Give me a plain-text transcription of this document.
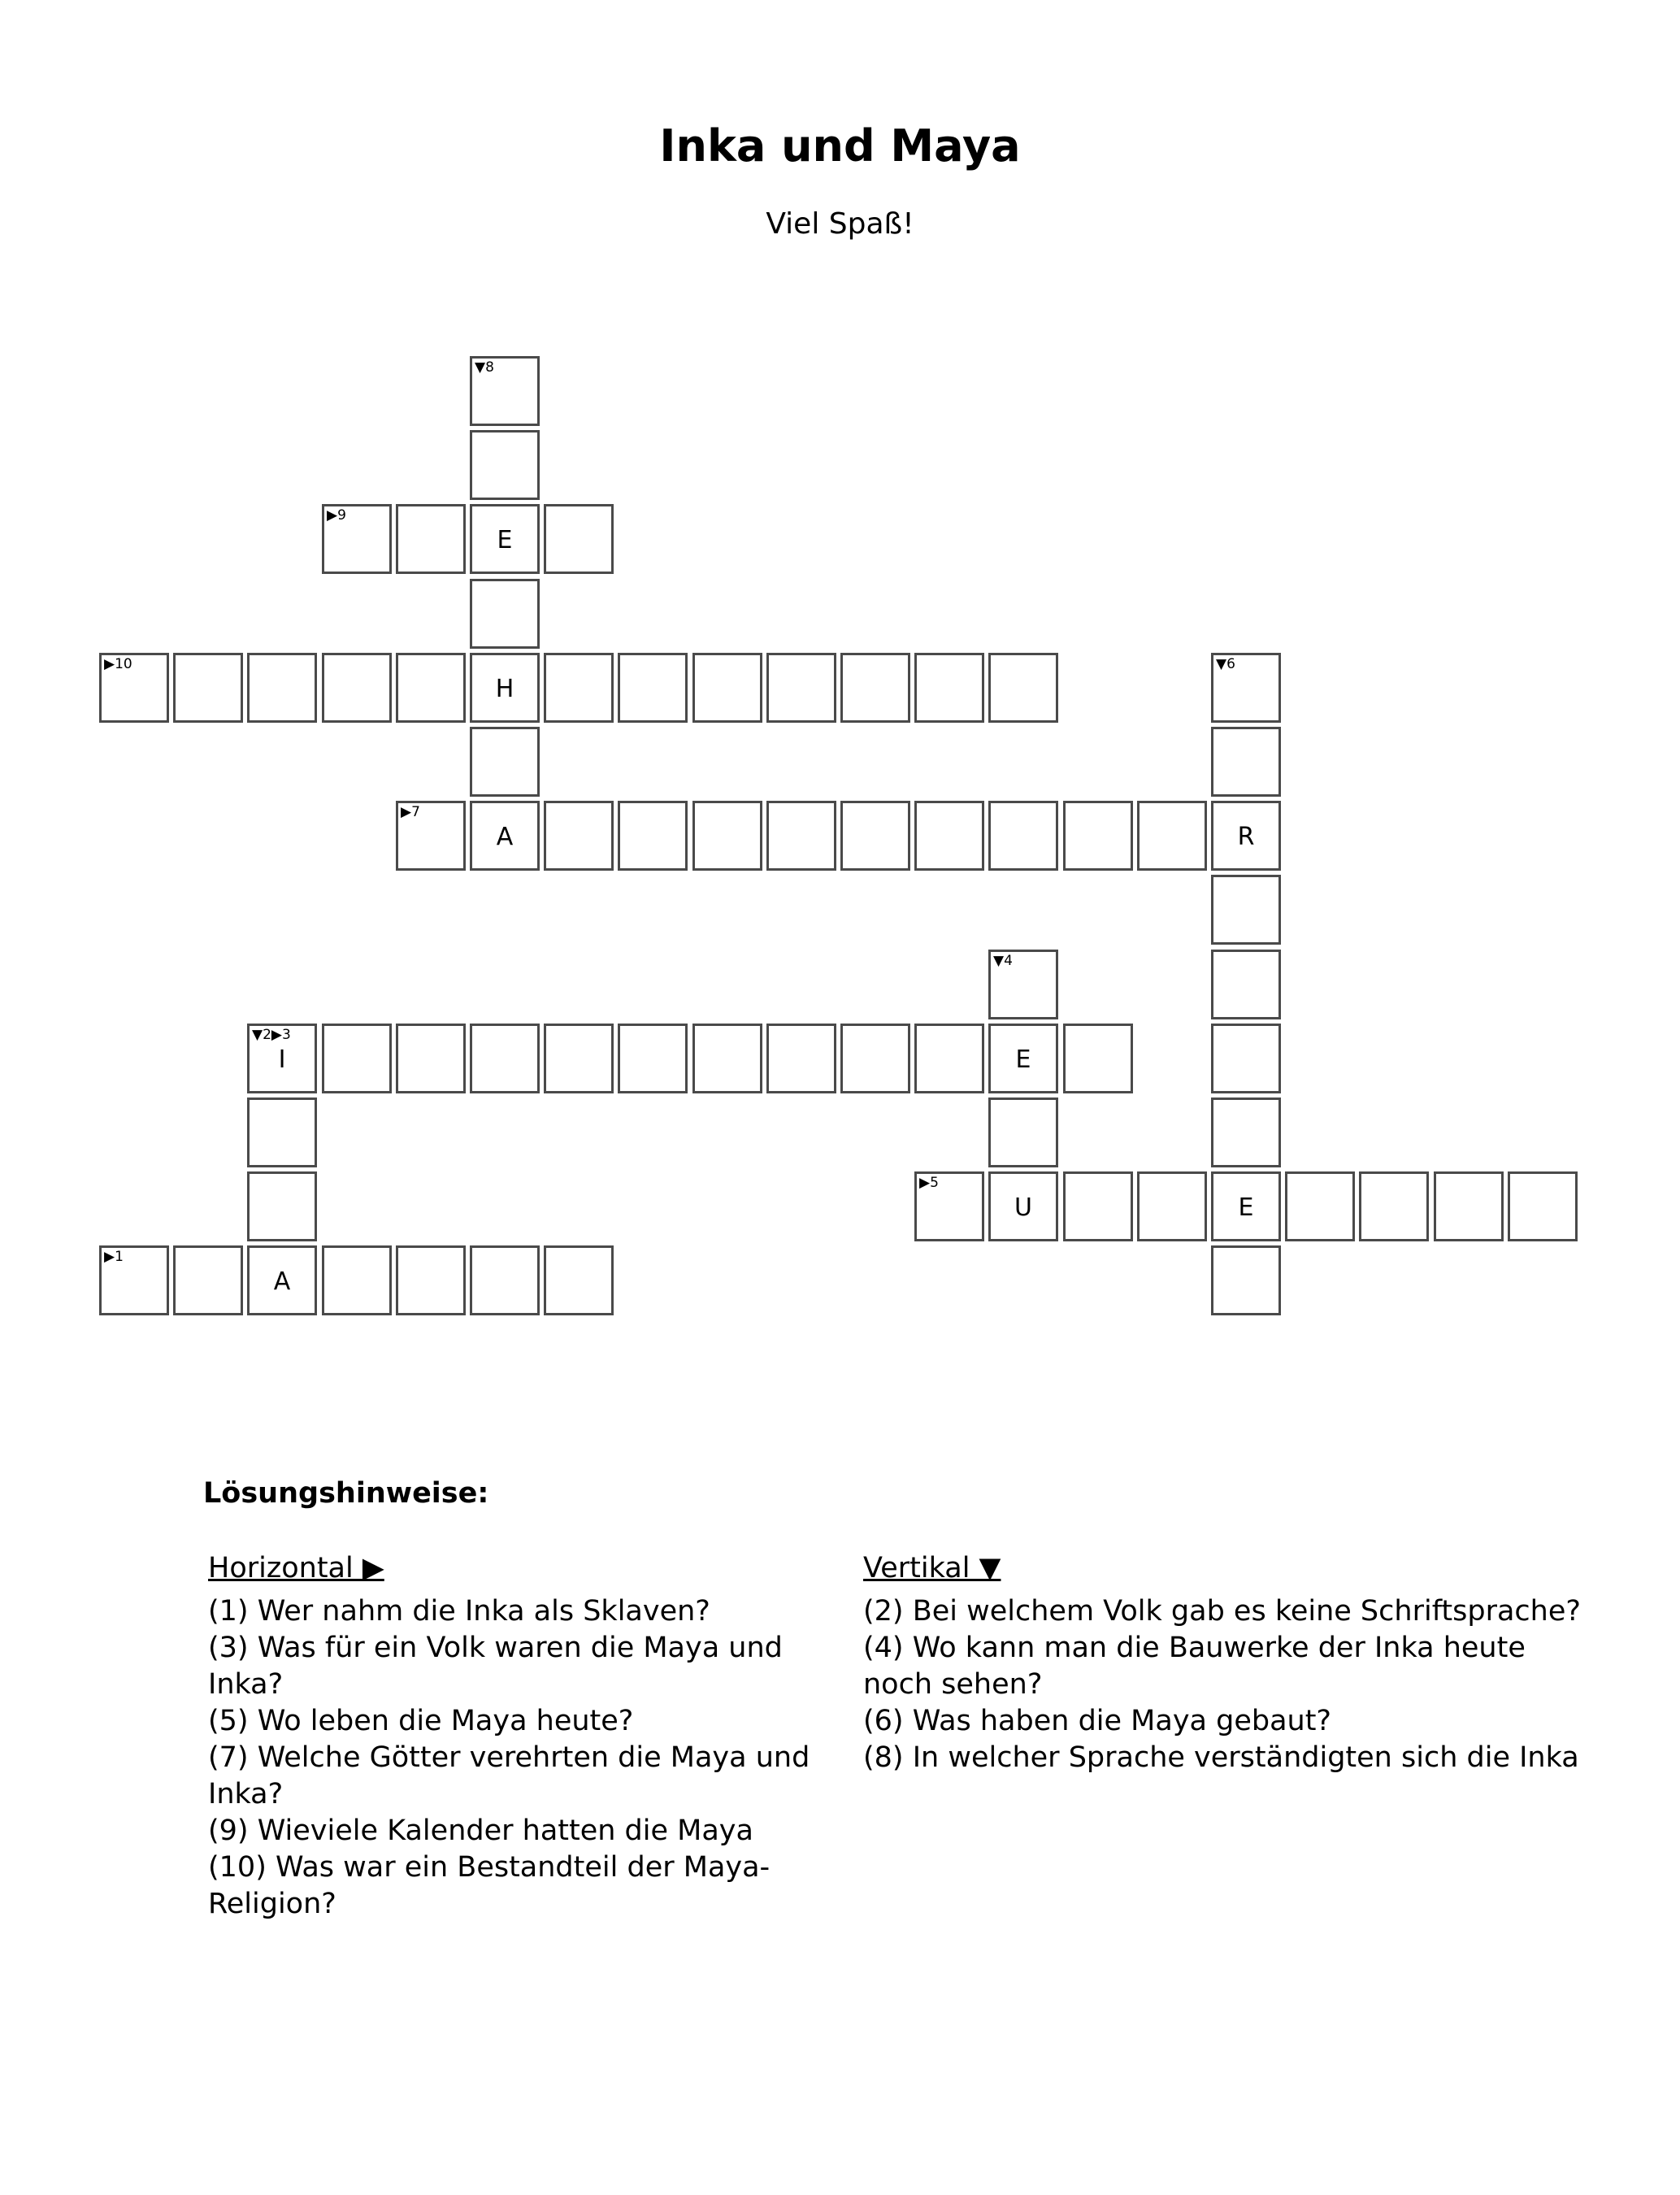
Inka und Maya
Viel Spaß!
▼8
▶9
E
▶10
H
▼6
▶7
A	R
▼4
▼2▶3
I	E
▶5
U	E
▶1
A
Lösungshinweise:
Horizontal ▶
(1) Wer nahm die Inka als Sklaven?
(3) Was für ein Volk waren die Maya und Inka?
(5) Wo leben die Maya heute?
(7) Welche Götter verehrten die Maya und Inka?
(9) Wieviele Kalender hatten die Maya
(10) Was war ein Bestandteil der Maya-Religion?
Vertikal ▼
(2) Bei welchem Volk gab es keine Schriftsprache?
(4) Wo kann man die Bauwerke der Inka heute noch sehen?
(6) Was haben die Maya gebaut?
(8) In welcher Sprache verständigten sich die Inka
